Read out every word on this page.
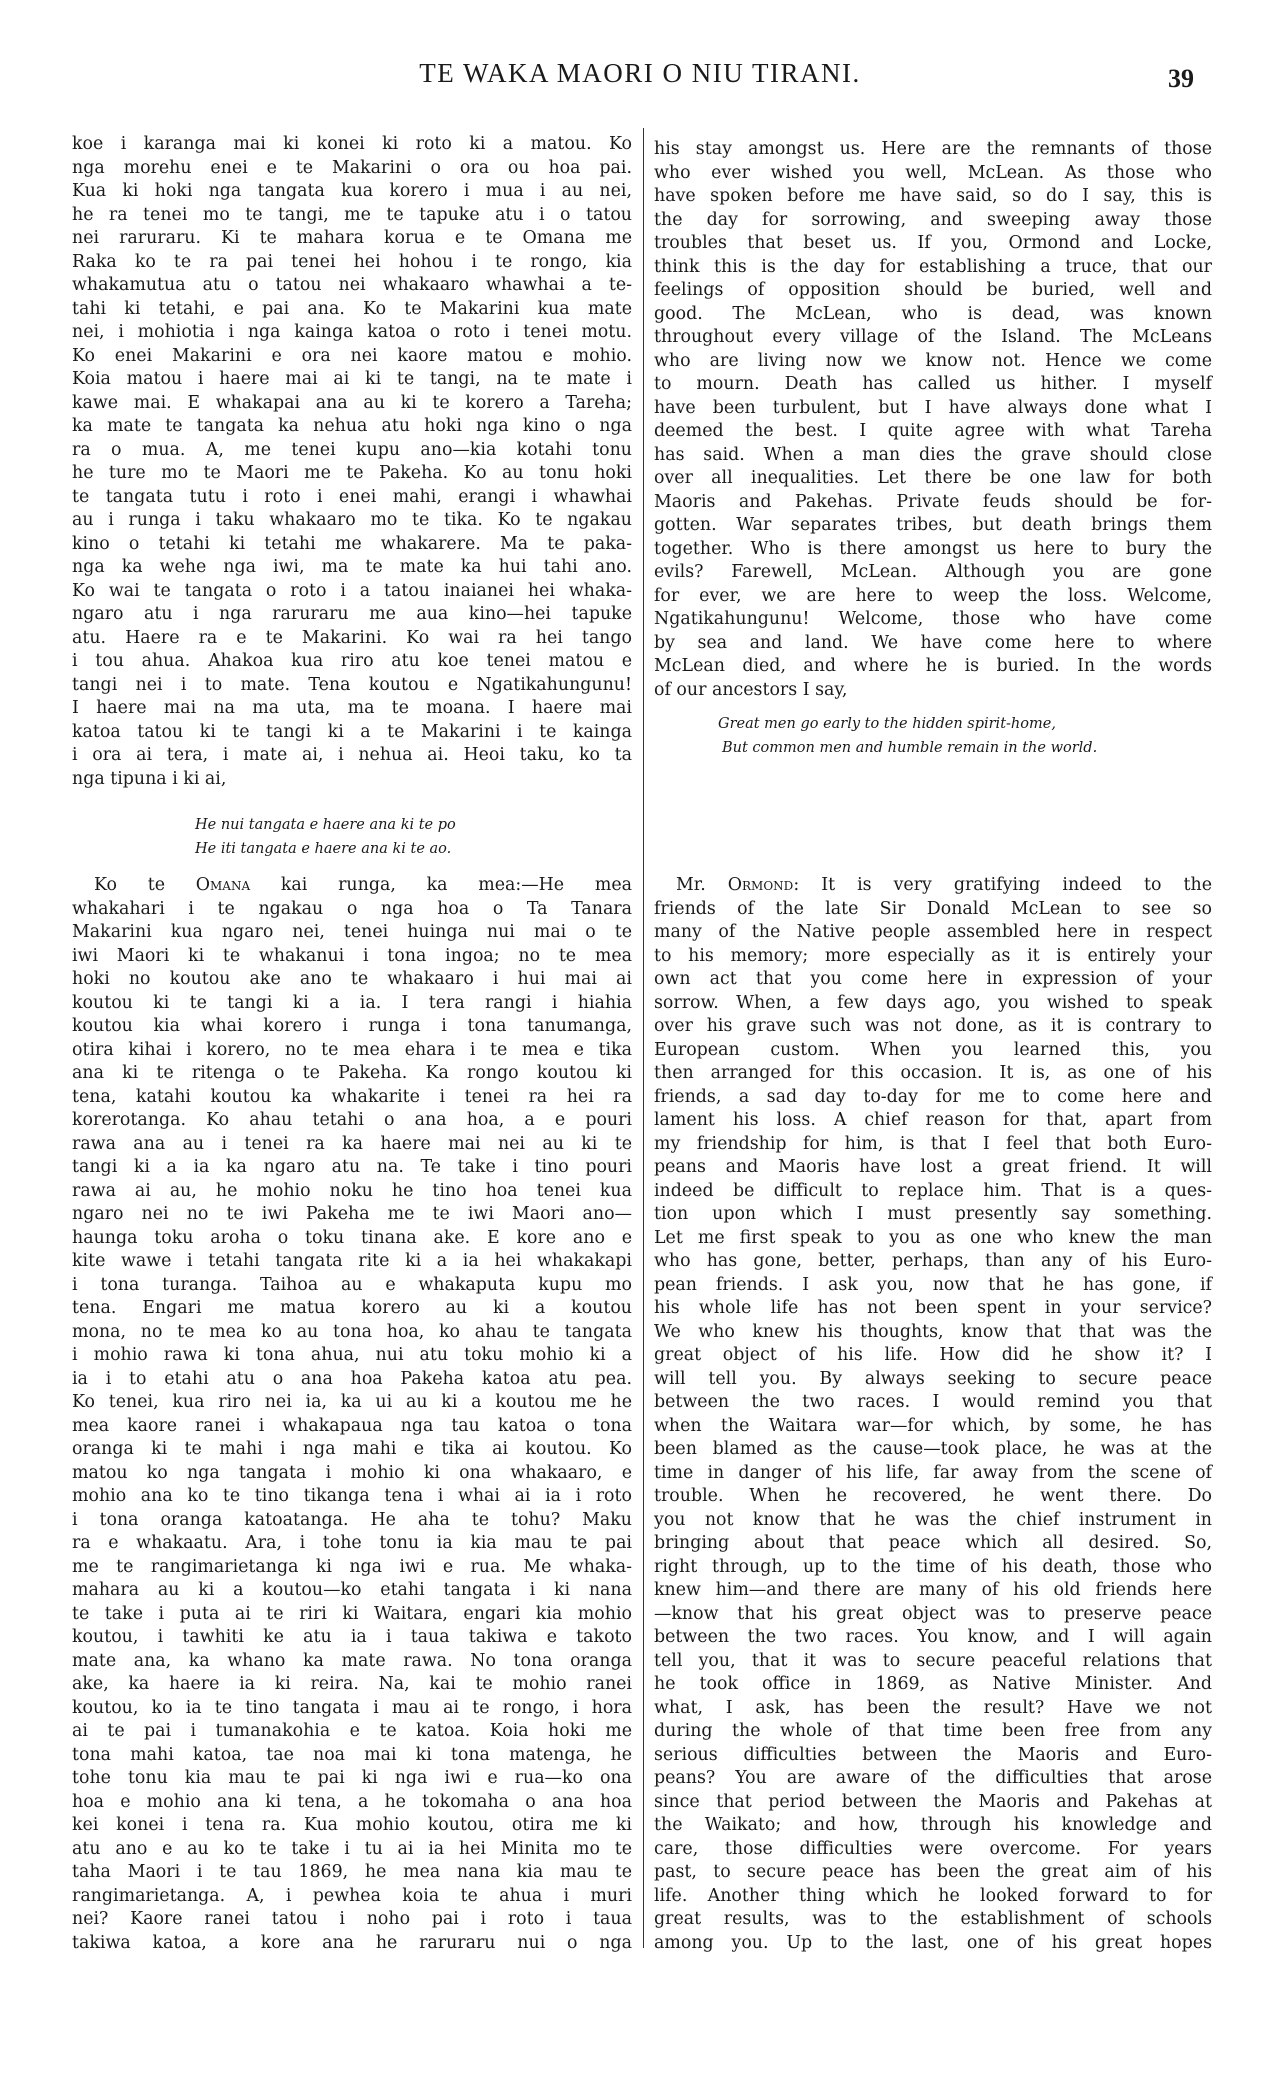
TE WAKA MAORI O NIU TIRANI.	39
koe i karanga mai ki konei ki roto ki a matou. Ko
nga morehu enei e te Makarini o ora ou hoa pai.
Kua ki hoki nga tangata kua korero i mua i au nei,
he ra tenei mo te tangi, me te tapuke atu i o tatou
nei raruraru. Ki te mahara korua e te Omana me
Raka ko te ra pai tenei hei hohou i te rongo, kia
whakamutua atu o tatou nei whakaaro whawhai a te-
tahi ki tetahi, e pai ana. Ko te Makarini kua mate
nei, i mohiotia i nga kainga katoa o roto i tenei motu.
Ko enei Makarini e ora nei kaore matou e mohio.
Koia matou i haere mai ai ki te tangi, na te mate i
kawe mai. E whakapai ana au ki te korero a Tareha;
ka mate te tangata ka nehua atu hoki nga kino o nga
ra o mua. A, me tenei kupu ano—kia kotahi tonu
he ture mo te Maori me te Pakeha. Ko au tonu hoki
te tangata tutu i roto i enei mahi, erangi i whawhai
au i runga i taku whakaaro mo te tika. Ko te ngakau
kino o tetahi ki tetahi me whakarere. Ma te paka-
nga ka wehe nga iwi, ma te mate ka hui tahi ano.
Ko wai te tangata o roto i a tatou inaianei hei whaka-
ngaro atu i nga raruraru me aua kino—hei tapuke
atu. Haere ra e te Makarini. Ko wai ra hei tango
i tou ahua. Ahakoa kua riro atu koe tenei matou e
tangi nei i to mate. Tena koutou e Ngatikahungunu!
I haere mai na ma uta, ma te moana. I haere mai
katoa tatou ki te tangi ki a te Makarini i te kainga
i ora ai tera, i mate ai, i nehua ai. Heoi taku, ko ta
nga tipuna i ki ai,
He nui tangata e haere ana ki te po
He iti tangata e haere ana ki te ao.
Ko te Omana kai runga, ka mea:—He mea
whakahari i te ngakau o nga hoa o Ta Tanara
Makarini kua ngaro nei, tenei huinga nui mai o te
iwi Maori ki te whakanui i tona ingoa; no te mea
hoki no koutou ake ano te whakaaro i hui mai ai
koutou ki te tangi ki a ia. I tera rangi i hiahia
koutou kia whai korero i runga i tona tanumanga,
otira kihai i korero, no te mea ehara i te mea e tika
ana ki te ritenga o te Pakeha. Ka rongo koutou ki
tena, katahi koutou ka whakarite i tenei ra hei ra
korerotanga. Ko ahau tetahi o ana hoa, a e pouri
rawa ana au i tenei ra ka haere mai nei au ki te
tangi ki a ia ka ngaro atu na. Te take i tino pouri
rawa ai au, he mohio noku he tino hoa tenei kua
ngaro nei no te iwi Pakeha me te iwi Maori ano—
haunga toku aroha o toku tinana ake. E kore ano e
kite wawe i tetahi tangata rite ki a ia hei whakakapi
i tona turanga. Taihoa au e whakaputa kupu mo
tena. Engari me matua korero au ki a koutou
mona, no te mea ko au tona hoa, ko ahau te tangata
i mohio rawa ki tona ahua, nui atu toku mohio ki a
ia i to etahi atu o ana hoa Pakeha katoa atu pea.
Ko tenei, kua riro nei ia, ka ui au ki a koutou me he
mea kaore ranei i whakapaua nga tau katoa o tona
oranga ki te mahi i nga mahi e tika ai koutou. Ko
matou ko nga tangata i mohio ki ona whakaaro, e
mohio ana ko te tino tikanga tena i whai ai ia i roto
i tona oranga katoatanga. He aha te tohu? Maku
ra e whakaatu. Ara, i tohe tonu ia kia mau te pai
me te rangimarietanga ki nga iwi e rua. Me whaka-
mahara au ki a koutou—ko etahi tangata i ki nana
te take i puta ai te riri ki Waitara, engari kia mohio
koutou, i tawhiti ke atu ia i taua takiwa e takoto
mate ana, ka whano ka mate rawa. No tona oranga
ake, ka haere ia ki reira. Na, kai te mohio ranei
koutou, ko ia te tino tangata i mau ai te rongo, i hora
ai te pai i tumanakohia e te katoa. Koia hoki me
tona mahi katoa, tae noa mai ki tona matenga, he
tohe tonu kia mau te pai ki nga iwi e rua—ko ona
hoa e mohio ana ki tena, a he tokomaha o ana hoa
kei konei i tena ra. Kua mohio koutou, otira me ki
atu ano e au ko te take i tu ai ia hei Minita mo te
taha Maori i te tau 1869, he mea nana kia mau te
rangimarietanga. A, i pewhea koia te ahua i muri
nei? Kaore ranei tatou i noho pai i roto i taua
takiwa katoa, a kore ana he raruraru nui o nga
his stay amongst us. Here are the remnants of those
who ever wished you well, McLean. As those who
have spoken before me have said, so do I say, this is
the day for sorrowing, and sweeping away those
troubles that beset us. If you, Ormond and Locke,
think this is the day for establishing a truce, that our
feelings of opposition should be buried, well and
good. The McLean, who is dead, was known
throughout every village of the Island. The McLeans
who are living now we know not. Hence we come
to mourn. Death has called us hither. I myself
have been turbulent, but I have always done what I
deemed the best. I quite agree with what Tareha
has said. When a man dies the grave should close
over all inequalities. Let there be one law for both
Maoris and Pakehas. Private feuds should be for-
gotten. War separates tribes, but death brings them
together. Who is there amongst us here to bury the
evils? Farewell, McLean. Although you are gone
for ever, we are here to weep the loss. Welcome,
Ngatikahungunu! Welcome, those who have come
by sea and land. We have come here to where
McLean died, and where he is buried. In the words
of our ancestors I say,
Great men go early to the hidden spirit-home,
But common men and humble remain in the world.
Mr. Ormond: It is very gratifying indeed to the
friends of the late Sir Donald McLean to see so
many of the Native people assembled here in respect
to his memory; more especially as it is entirely your
own act that you come here in expression of your
sorrow. When, a few days ago, you wished to speak
over his grave such was not done, as it is contrary to
European custom. When you learned this, you
then arranged for this occasion. It is, as one of his
friends, a sad day to-day for me to come here and
lament his loss. A chief reason for that, apart from
my friendship for him, is that I feel that both Euro-
peans and Maoris have lost a great friend. It will
indeed be difficult to replace him. That is a ques-
tion upon which I must presently say something.
Let me first speak to you as one who knew the man
who has gone, better, perhaps, than any of his Euro-
pean friends. I ask you, now that he has gone, if
his whole life has not been spent in your service?
We who knew his thoughts, know that that was the
great object of his life. How did he show it? I
will tell you. By always seeking to secure peace
between the two races. I would remind you that
when the Waitara war—for which, by some, he has
been blamed as the cause—took place, he was at the
time in danger of his life, far away from the scene of
trouble. When he recovered, he went there. Do
you not know that he was the chief instrument in
bringing about that peace which all desired. So,
right through, up to the time of his death, those who
knew him—and there are many of his old friends here
—know that his great object was to preserve peace
between the two races. You know, and I will again
tell you, that it was to secure peaceful relations that
he took office in 1869, as Native Minister. And
what, I ask, has been the result? Have we not
during the whole of that time been free from any
serious difficulties between the Maoris and Euro-
peans? You are aware of the difficulties that arose
since that period between the Maoris and Pakehas at
the Waikato; and how, through his knowledge and
care, those difficulties were overcome. For years
past, to secure peace has been the great aim of his
life. Another thing which he looked forward to for
great results, was to the establishment of schools
among you. Up to the last, one of his great hopes
